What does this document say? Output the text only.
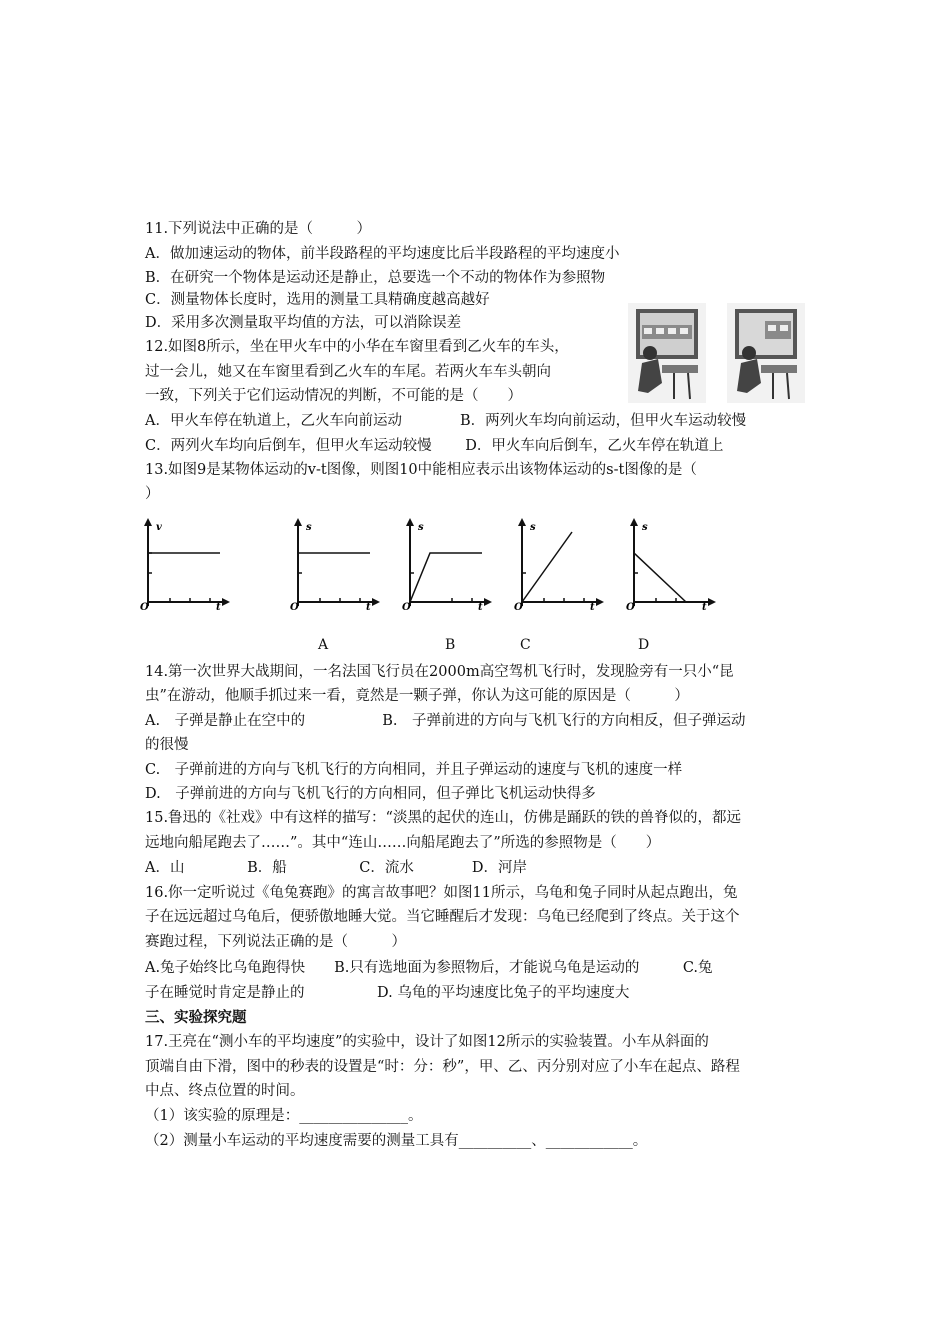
11.下列说法中正确的是（　　　）
A．做加速运动的物体，前半段路程的平均速度比后半段路程的平均速度小
B．在研究一个物体是运动还是静止，总要选一个不动的物体作为参照物
C．测量物体长度时，选用的测量工具精确度越高越好
D．采用多次测量取平均值的方法，可以消除误差
12.如图8所示，坐在甲火车中的小华在车窗里看到乙火车的车头，
过一会儿，她又在车窗里看到乙火车的车尾。若两火车车头朝向
一致，下列关于它们运动情况的判断，不可能的是（　　）
A．甲火车停在轨道上，乙火车向前运动　　　　B．两列火车均向前运动，但甲火车运动较慢
C．两列火车均向后倒车，但甲火车运动较慢　　 D．甲火车向后倒车，乙火车停在轨道上
13.如图9是某物体运动的v-t图像，则图10中能相应表示出该物体运动的s-t图像的是（
）
v
O	t
s
O	t
s
O	t
s
O	t
s
O	t
A	B	C	D
14.第一次世界大战期间，一名法国飞行员在2000m高空驾机飞行时，发现脸旁有一只小“昆
虫”在游动，他顺手抓过来一看，竟然是一颗子弹，你认为这可能的原因是（　　　）
A.　子弹是静止在空中的　　　　　 B.　子弹前进的方向与飞机飞行的方向相反，但子弹运动
的很慢
C.　子弹前进的方向与飞机飞行的方向相同，并且子弹运动的速度与飞机的速度一样
D.　子弹前进的方向与飞机飞行的方向相同，但子弹比飞机运动快得多
15.鲁迅的《社戏》中有这样的描写：“淡黑的起伏的连山，仿佛是踊跃的铁的兽脊似的，都远
远地向船尾跑去了……”。其中“连山……向船尾跑去了”所选的参照物是（　　）
A．山　　　　 B．船　　　　　C．流水　　　　D．河岸
16.你一定听说过《龟兔赛跑》的寓言故事吧？如图11所示，乌龟和兔子同时从起点跑出，兔
子在远远超过乌龟后，便骄傲地睡大觉。当它睡醒后才发现：乌龟已经爬到了终点。关于这个
赛跑过程，下列说法正确的是（　　　）
A.兔子始终比乌龟跑得快　　B.只有选地面为参照物后，才能说乌龟是运动的　　　C.兔
子在睡觉时肯定是静止的　　　　　D. 乌龟的平均速度比兔子的平均速度大
三、实验探究题
17.王亮在“测小车的平均速度”的实验中，设计了如图12所示的实验装置。小车从斜面的
顶端自由下滑，图中的秒表的设置是“时：分：秒”，甲、乙、丙分别对应了小车在起点、路程
中点、终点位置的时间。
（1）该实验的原理是：_______________。
（2）测量小车运动的平均速度需要的测量工具有__________、____________。
